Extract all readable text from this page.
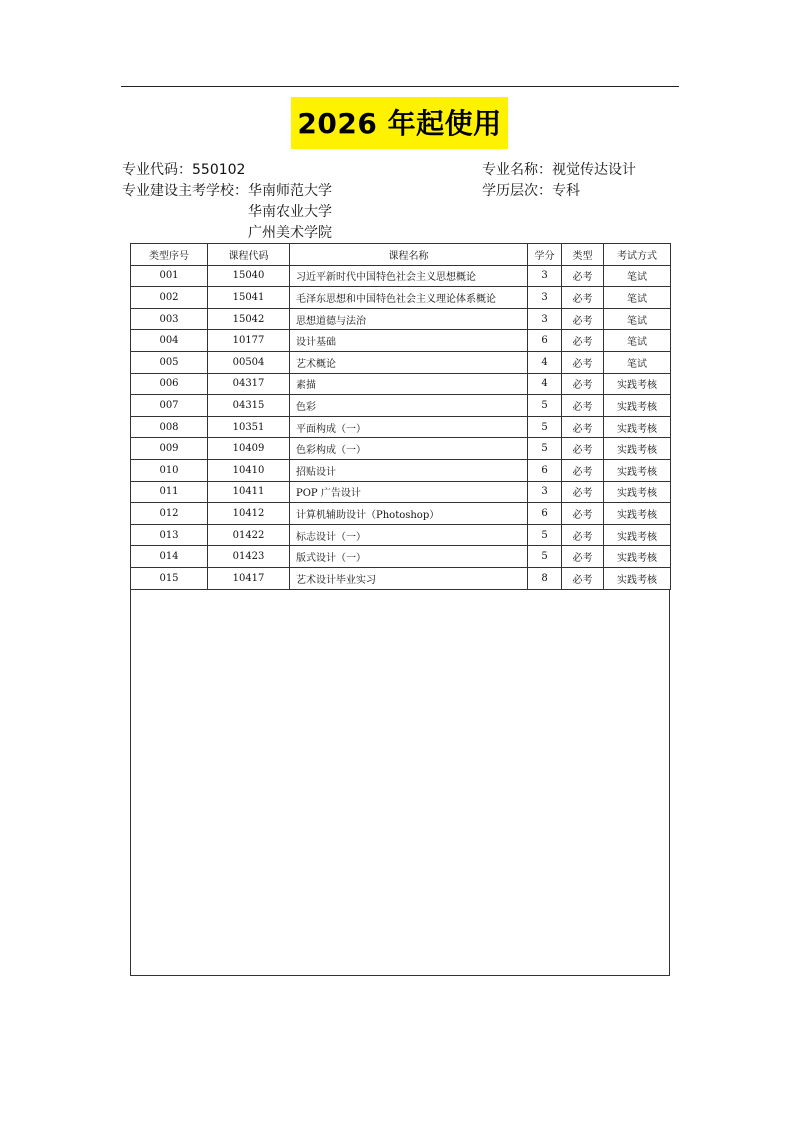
2026 年起使用
专业代码：550102
专业建设主考学校：华南师范大学
华南农业大学
广州美术学院
专业名称：视觉传达设计
学历层次：专科
类型序号	课程代码	课程名称	学分	类型	考试方式
001	15040	习近平新时代中国特色社会主义思想概论	3	必考	笔试
002	15041	毛泽东思想和中国特色社会主义理论体系概论	3	必考	笔试
003	15042	思想道德与法治	3	必考	笔试
004	10177	设计基础	6	必考	笔试
005	00504	艺术概论	4	必考	笔试
006	04317	素描	4	必考	实践考核
007	04315	色彩	5	必考	实践考核
008	10351	平面构成（一）	5	必考	实践考核
009	10409	色彩构成（一）	5	必考	实践考核
010	10410	招贴设计	6	必考	实践考核
011	10411	POP 广告设计	3	必考	实践考核
012	10412	计算机辅助设计（Photoshop）	6	必考	实践考核
013	01422	标志设计（一）	5	必考	实践考核
014	01423	版式设计（一）	5	必考	实践考核
015	10417	艺术设计毕业实习	8	必考	实践考核
